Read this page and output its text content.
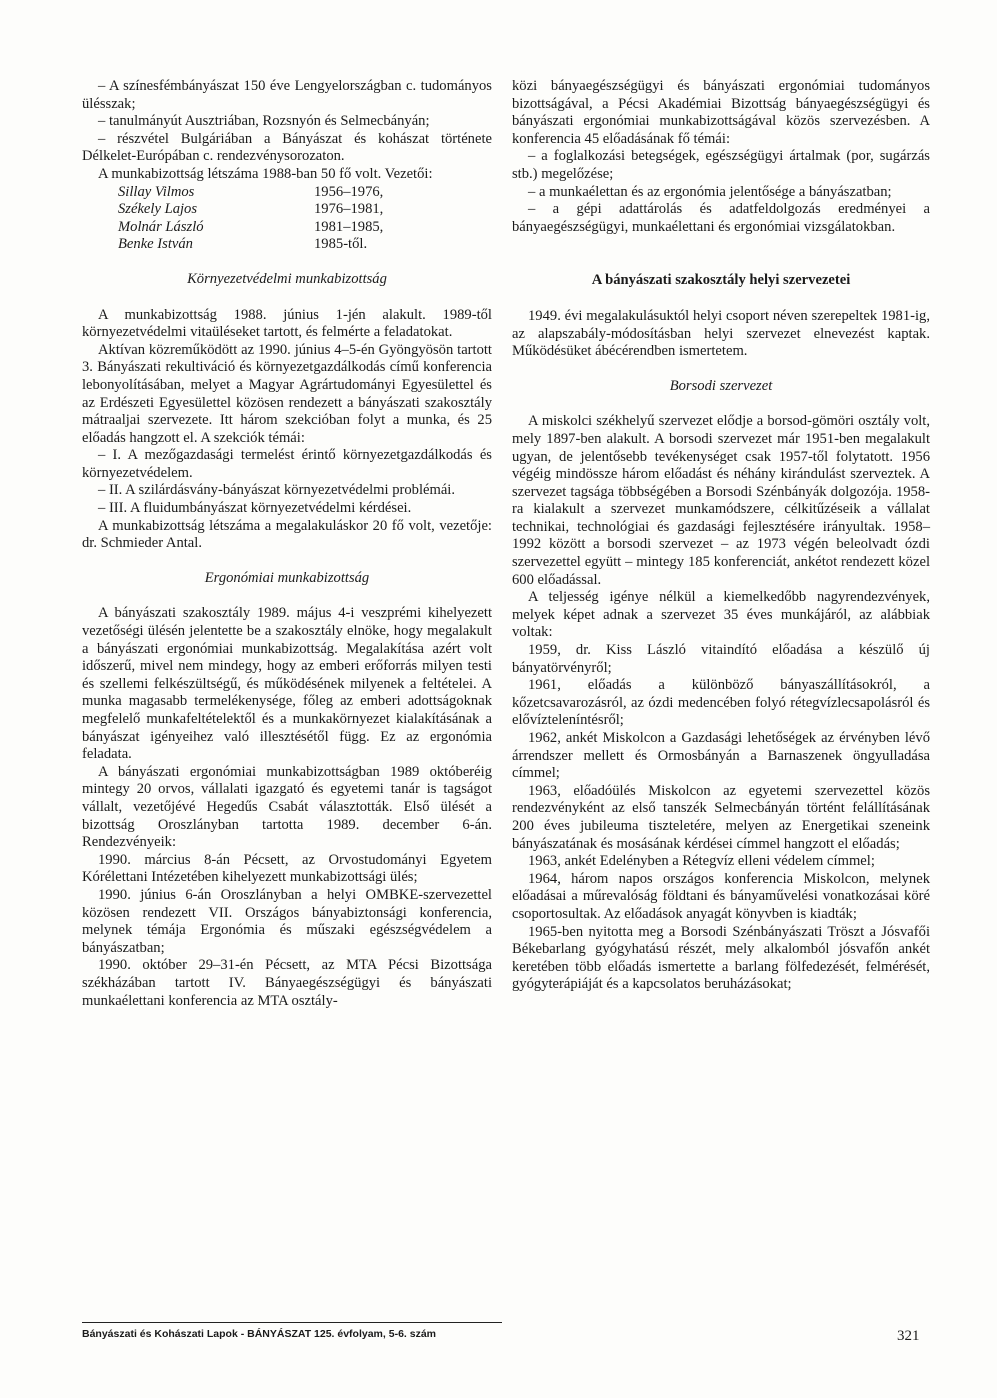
– A színesfémbányászat 150 éve Lengyelországban c. tudományos ülésszak;

– tanulmányút Ausztriában, Rozsnyón és Selmecbányán;

– részvétel Bulgáriában a Bányászat és kohászat története Délkelet-Európában c. rendezvénysorozaton.

A munkabizottság létszáma 1988-ban 50 fő volt. Vezetői:

Sillay Vilmos	1956–1976,
Székely Lajos	1976–1981,
Molnár László	1981–1985,
Benke István	1985-től.

Környezetvédelmi munkabizottság

A munkabizottság 1988. június 1-jén alakult. 1989-től környezetvédelmi vitaüléseket tartott, és felmérte a feladatokat.

Aktívan közreműködött az 1990. június 4–5-én Gyöngyösön tartott 3. Bányászati rekultiváció és környezetgazdálkodás című konferencia lebonyolításában, melyet a Magyar Agrártudományi Egyesülettel és az Erdészeti Egyesülettel közösen rendezett a bányászati szakosztály mátraaljai szervezete. Itt három szekcióban folyt a munka, és 25 előadás hangzott el. A szekciók témái:

– I. A mezőgazdasági termelést érintő környezetgazdálkodás és környezetvédelem.

– II. A szilárdásvány-bányászat környezetvédelmi problémái.

– III. A fluidumbányászat környezetvédelmi kérdései.

A munkabizottság létszáma a megalakuláskor 20 fő volt, vezetője: dr. Schmieder Antal.

Ergonómiai munkabizottság

A bányászati szakosztály 1989. május 4-i veszprémi kihelyezett vezetőségi ülésén jelentette be a szakosztály elnöke, hogy megalakult a bányászati ergonómiai munkabizottság. Megalakítása azért volt időszerű, mivel nem mindegy, hogy az emberi erőforrás milyen testi és szellemi felkészültségű, és működésének milyenek a feltételei. A munka magasabb termelékenysége, főleg az emberi adottságoknak megfelelő munkafeltételektől és a munkakörnyezet kialakításának a bányászat igényeihez való illesztésétől függ. Ez az ergonómia feladata.

A bányászati ergonómiai munkabizottságban 1989 októberéig mintegy 20 orvos, vállalati igazgató és egyetemi tanár is tagságot vállalt, vezetőjévé Hegedűs Csabát választották. Első ülését a bizottság Oroszlányban tartotta 1989. december 6-án. Rendezvényeik:

1990. március 8-án Pécsett, az Orvostudományi Egyetem Kórélettani Intézetében kihelyezett munkabizottsági ülés;

1990. június 6-án Oroszlányban a helyi OMBKE-szervezettel közösen rendezett VII. Országos bányabiztonsági konferencia, melynek témája Ergonómia és műszaki egészségvédelem a bányászatban;

1990. október 29–31-én Pécsett, az MTA Pécsi Bizottsága székházában tartott IV. Bányaegészségügyi és bányászati munkaélettani konferencia az MTA osztály-

közi bányaegészségügyi és bányászati ergonómiai tudományos bizottságával, a Pécsi Akadémiai Bizottság bányaegészségügyi és bányászati ergonómiai munkabizottságával közös szervezésben. A konferencia 45 előadásának fő témái:

– a foglalkozási betegségek, egészségügyi ártalmak (por, sugárzás stb.) megelőzése;

– a munkaélettan és az ergonómia jelentősége a bányászatban;

– a gépi adattárolás és adatfeldolgozás eredményei a bányaegészségügyi, munkaélettani és ergonómiai vizsgálatokban.

A bányászati szakosztály helyi szervezetei

1949. évi megalakulásuktól helyi csoport néven szerepeltek 1981-ig, az alapszabály-módosításban helyi szervezet elnevezést kaptak. Működésüket ábécérendben ismertetem.

Borsodi szervezet

A miskolci székhelyű szervezet elődje a borsod-gömöri osztály volt, mely 1897-ben alakult. A borsodi szervezet már 1951-ben megalakult ugyan, de jelentősebb tevékenységet csak 1957-től folytatott. 1956 végéig mindössze három előadást és néhány kirándulást szerveztek. A szervezet tagsága többségében a Borsodi Szénbányák dolgozója. 1958-ra kialakult a szervezet munkamódszere, célkitűzéseik a vállalat technikai, technológiai és gazdasági fejlesztésére irányultak. 1958–1992 között a borsodi szervezet – az 1973 végén beleolvadt ózdi szervezettel együtt – mintegy 185 konferenciát, ankétot rendezett közel 600 előadással.

A teljesség igénye nélkül a kiemelkedőbb nagyrendezvények, melyek képet adnak a szervezet 35 éves munkájáról, az alábbiak voltak:

1959, dr. Kiss László vitaindító előadása a készülő új bányatörvényről;

1961, előadás a különböző bányaszállításokról, a kőzetcsavarozásról, az ózdi medencében folyó rétegvízlecsapolásról és elővízteleníntésről;

1962, ankét Miskolcon a Gazdasági lehetőségek az érvényben lévő árrendszer mellett és Ormosbányán a Barnaszenek öngyulladása címmel;

1963, előadóülés Miskolcon az egyetemi szervezettel közös rendezvényként az első tanszék Selmecbányán történt felállításának 200 éves jubileuma tiszteletére, melyen az Energetikai szeneink bányászatának és mosásának kérdései címmel hangzott el előadás;

1963, ankét Edelényben a Rétegvíz elleni védelem címmel;

1964, három napos országos konferencia Miskolcon, melynek előadásai a műrevalóság földtani és bányaművelési vonatkozásai köré csoportosultak. Az előadások anyagát könyvben is kiadták;

1965-ben nyitotta meg a Borsodi Szénbányászati Tröszt a Jósvafői Békebarlang gyógyhatású részét, mely alkalomból jósvafőn ankét keretében több előadás ismertette a barlang fölfedezését, felmérését, gyógyterápiáját és a kapcsolatos beruházásokat;

Bányászati és Kohászati Lapok - BÁNYÁSZAT 125. évfolyam, 5-6. szám	321
